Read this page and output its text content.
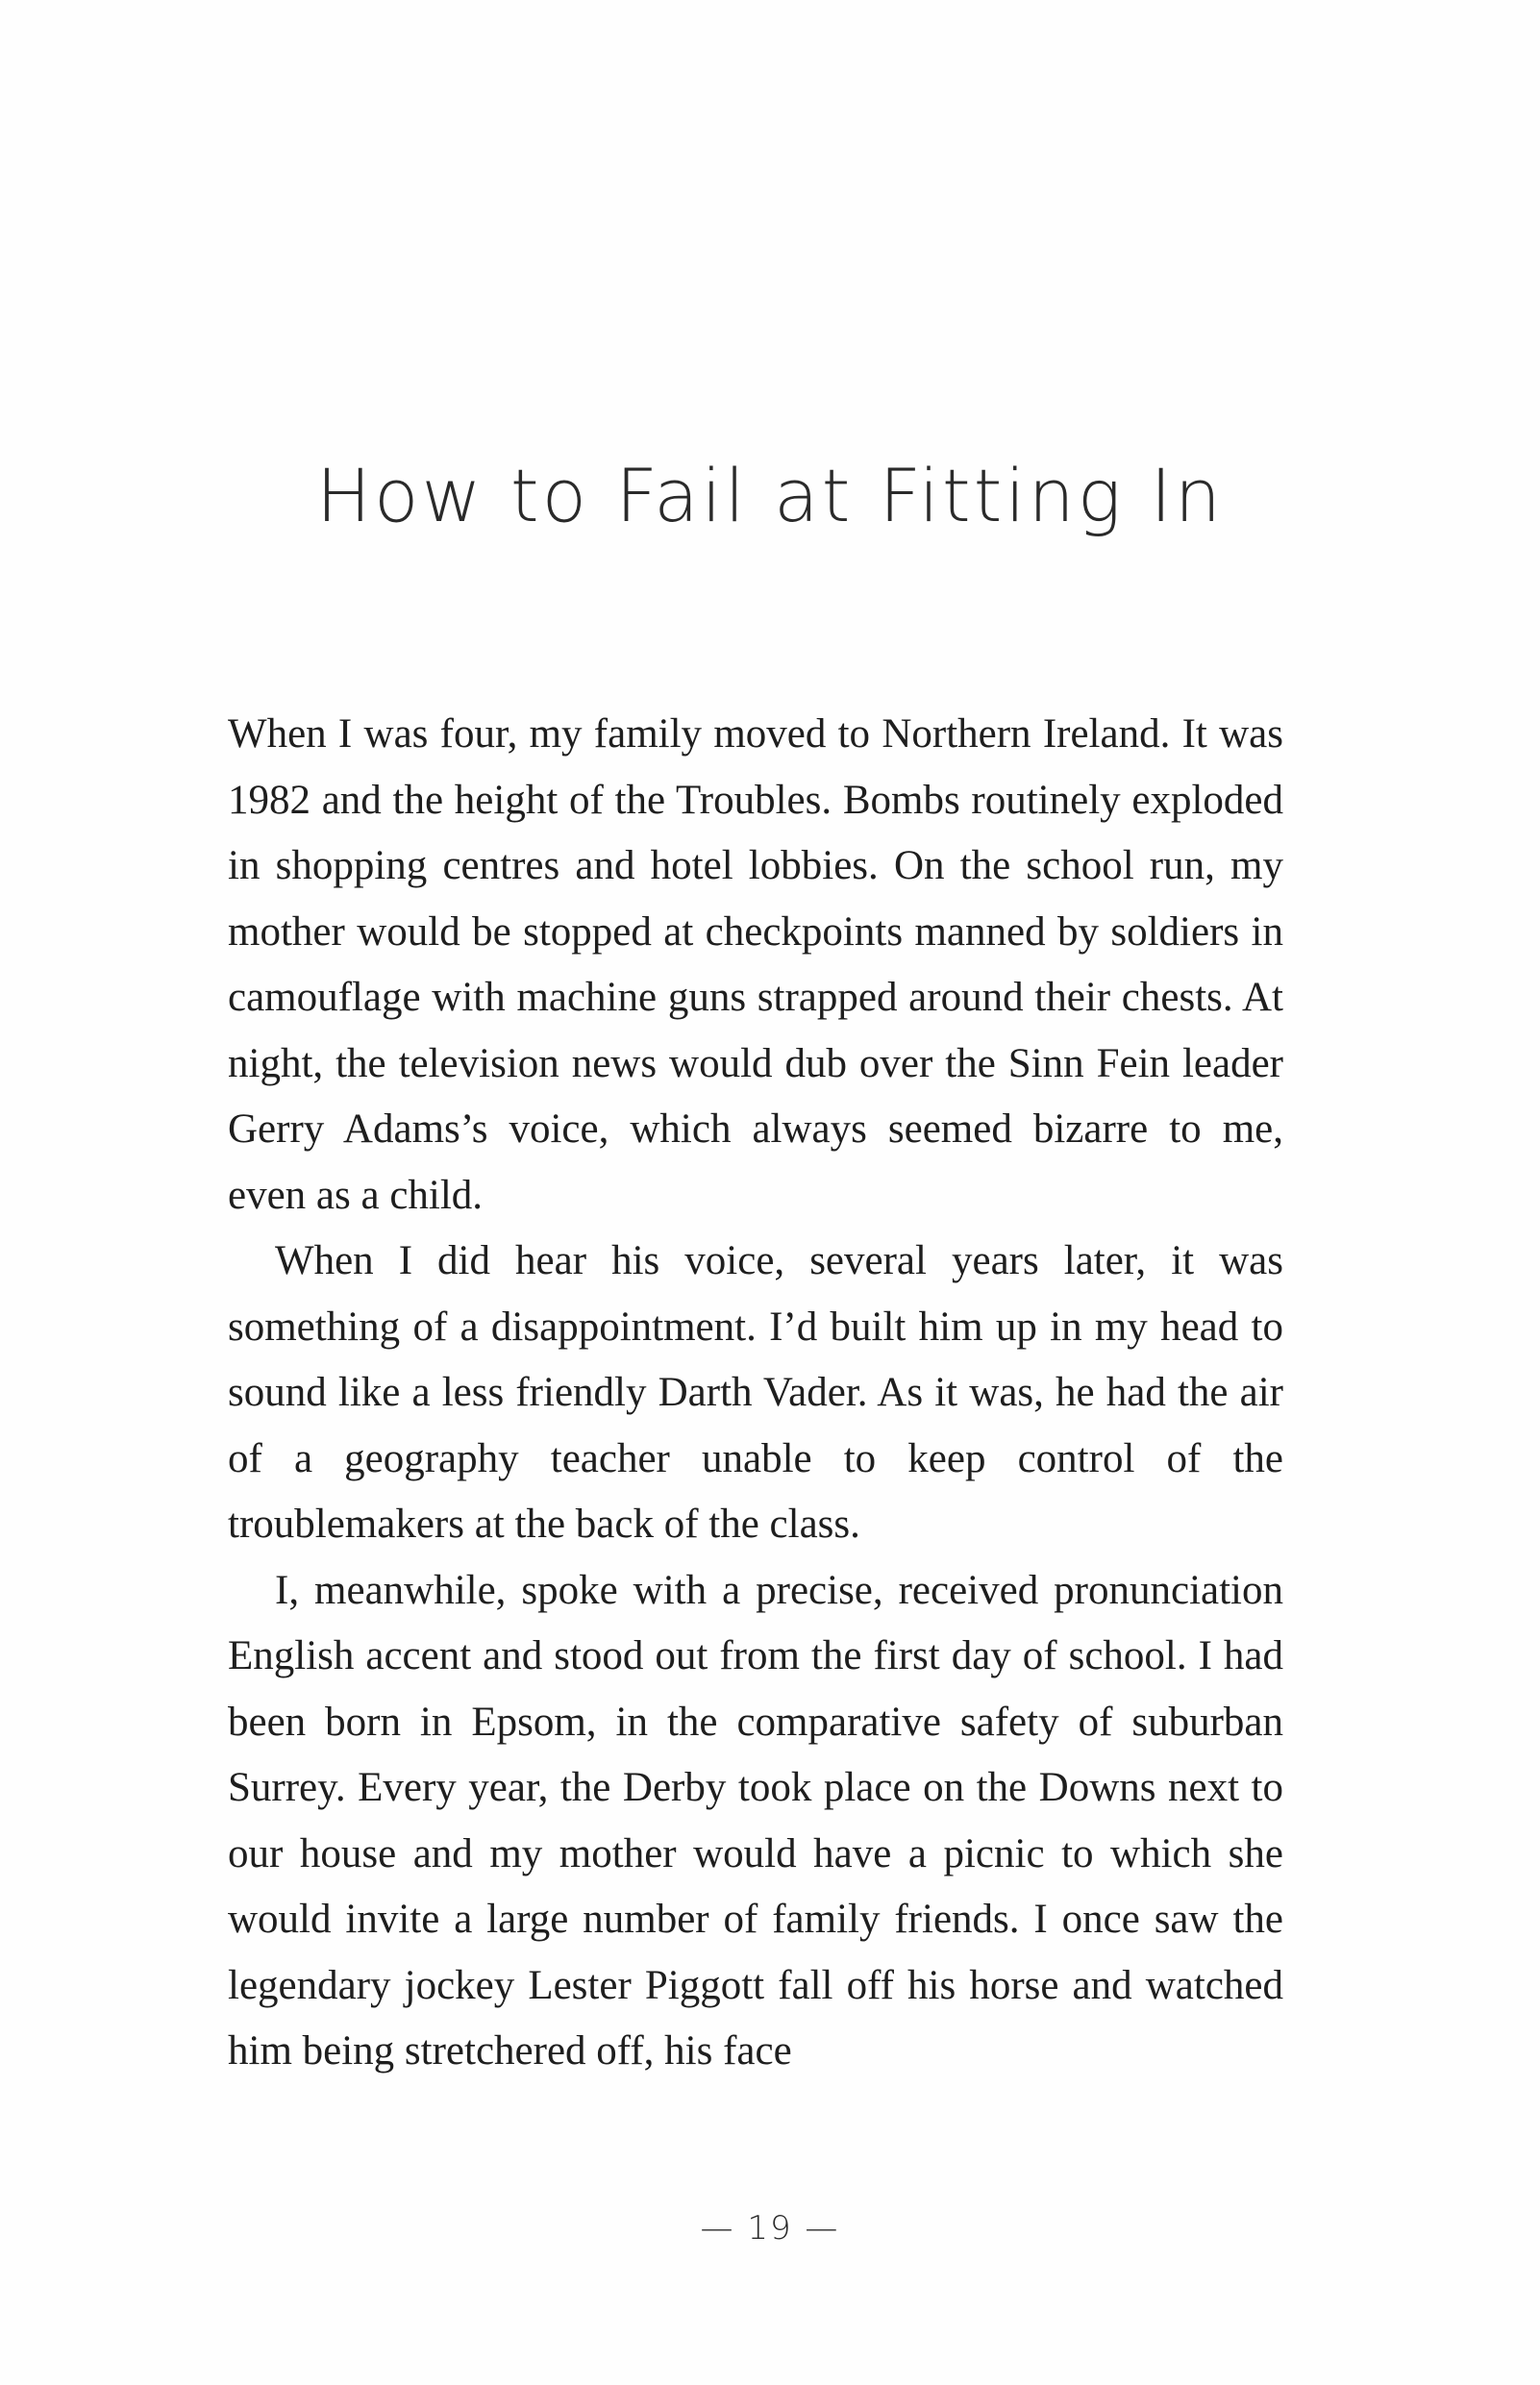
How to Fail at Fitting In

When I was four, my family moved to Northern Ireland. It was 1982 and the height of the Troubles. Bombs routinely exploded in shopping centres and hotel lobbies. On the school run, my mother would be stopped at checkpoints manned by soldiers in camouflage with machine guns strapped around their chests. At night, the television news would dub over the Sinn Fein leader Gerry Adams’s voice, which always seemed bizarre to me, even as a child.

When I did hear his voice, several years later, it was something of a disappointment. I’d built him up in my head to sound like a less friendly Darth Vader. As it was, he had the air of a geography teacher unable to keep control of the troublemakers at the back of the class.

I, meanwhile, spoke with a precise, received pronunciation English accent and stood out from the first day of school. I had been born in Epsom, in the comparative safety of suburban Surrey. Every year, the Derby took place on the Downs next to our house and my mother would have a picnic to which she would invite a large number of family friends. I once saw the legendary jockey Lester Piggott fall off his horse and watched him being stretchered off, his face

— 19 —
